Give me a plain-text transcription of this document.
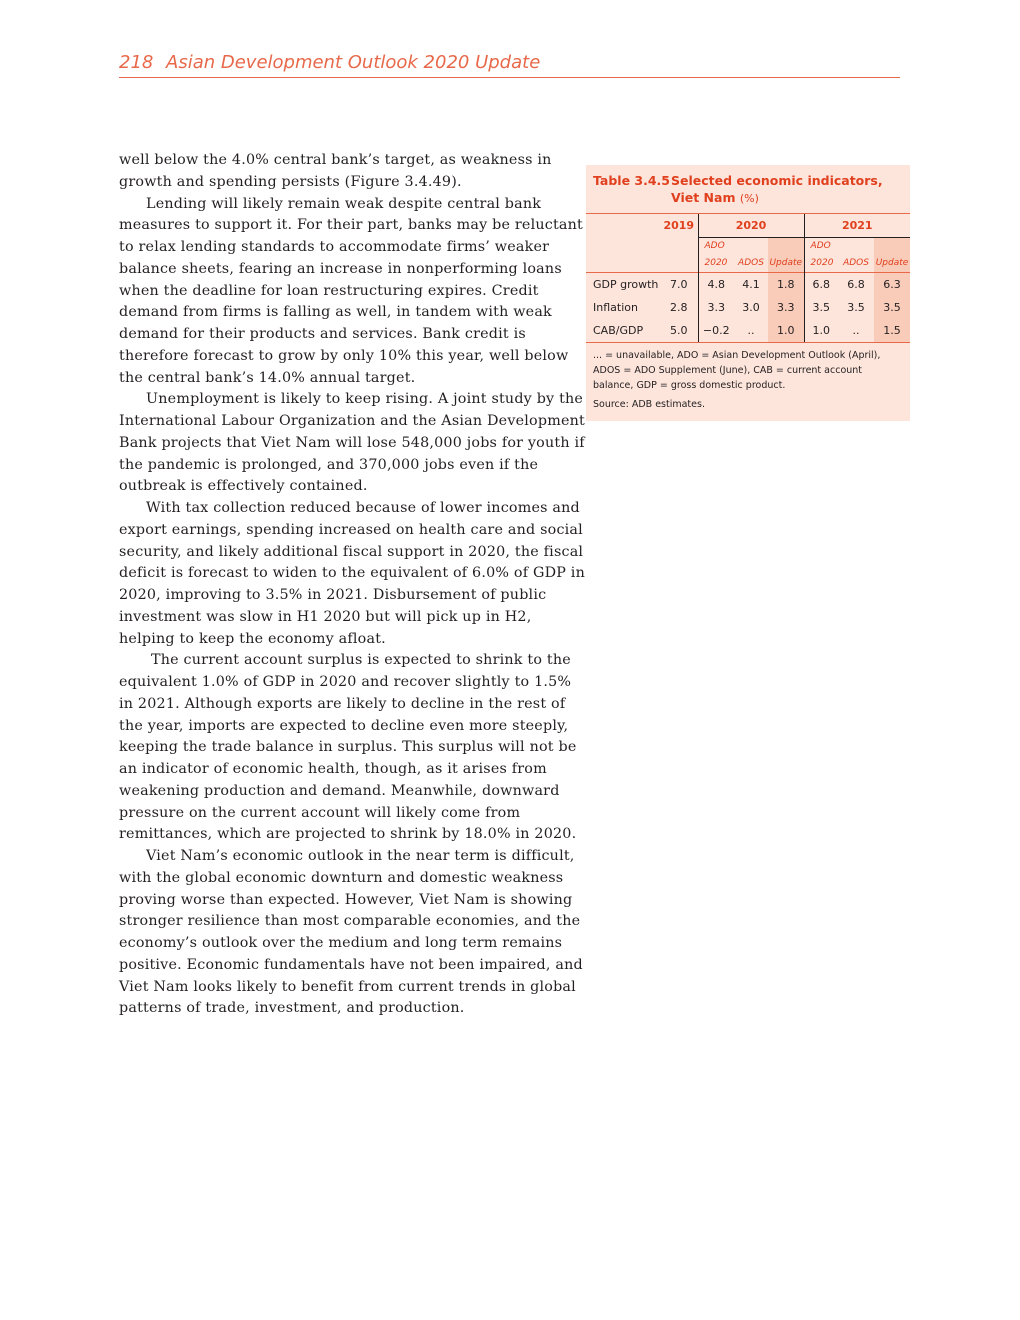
218 Asian Development Outlook 2020 Update

well below the 4.0% central bank’s target, as weakness in growth and spending persists (Figure 3.4.49).

Lending will likely remain weak despite central bank measures to support it. For their part, banks may be reluctant to relax lending standards to accommodate firms’ weaker balance sheets, fearing an increase in nonperforming loans when the deadline for loan restructuring expires. Credit demand from firms is falling as well, in tandem with weak demand for their products and services. Bank credit is therefore forecast to grow by only 10% this year, well below the central bank’s 14.0% annual target.

Unemployment is likely to keep rising. A joint study by the International Labour Organization and the Asian Development Bank projects that Viet Nam will lose 548,000 jobs for youth if the pandemic is prolonged, and 370,000 jobs even if the outbreak is effectively contained.

With tax collection reduced because of lower incomes and export earnings, spending increased on health care and social security, and likely additional fiscal support in 2020, the fiscal deficit is forecast to widen to the equivalent of 6.0% of GDP in 2020, improving to 3.5% in 2021. Disbursement of public investment was slow in H1 2020 but will pick up in H2, helping to keep the economy afloat.

The current account surplus is expected to shrink to the equivalent 1.0% of GDP in 2020 and recover slightly to 1.5% in 2021. Although exports are likely to decline in the rest of the year, imports are expected to decline even more steeply, keeping the trade balance in surplus. This surplus will not be an indicator of economic health, though, as it arises from weakening production and demand. Meanwhile, downward pressure on the current account will likely come from remittances, which are projected to shrink by 18.0% in 2020.

Viet Nam’s economic outlook in the near term is difficult, with the global economic downturn and domestic weakness proving worse than expected. However, Viet Nam is showing stronger resilience than most comparable economies, and the economy’s outlook over the medium and long term remains positive. Economic fundamentals have not been impaired, and Viet Nam looks likely to benefit from current trends in global patterns of trade, investment, and production.

Table 3.4.5 Selected economic indicators, Viet Nam (%)
	2019	2020			2021		
		ADO 2020	ADOS	Update	ADO 2020	ADOS	Update
GDP growth	7.0	4.8	4.1	1.8	6.8	6.8	6.3
Inflation	2.8	3.3	3.0	3.3	3.5	3.5	3.5
CAB/GDP	5.0	−0.2	..	1.0	1.0	..	1.5

... = unavailable, ADO = Asian Development Outlook (April), ADOS = ADO Supplement (June), CAB = current account balance, GDP = gross domestic product.

Source: ADB estimates.
